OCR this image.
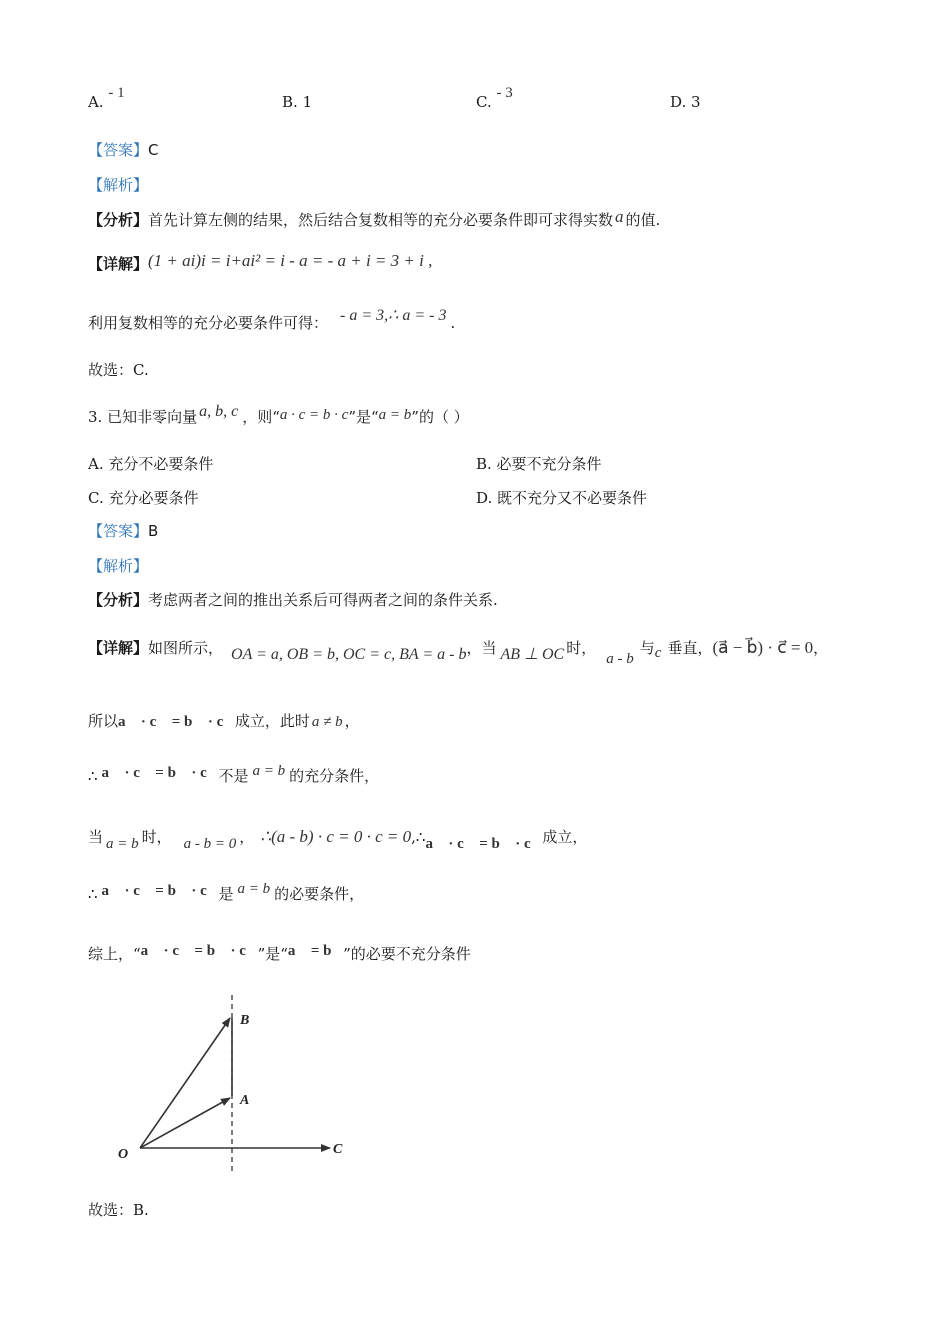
A. - 1	B. 1	C. - 3	D. 3
【答案】C
【解析】
【分析】首先计算左侧的结果，然后结合复数相等的充分必要条件即可求得实数 a 的值.
【详解】(1 + ai)i = i+ai² = i - a = - a + i = 3 + i ,
利用复数相等的充分必要条件可得： - a = 3,∴ a = - 3 .
故选：C.
3. 已知非零向量 a, b, c ，则“a · c = b · c”是“a = b”的（ ）
A. 充分不必要条件	B. 必要不充分条件
C. 充分必要条件	D. 既不充分又不必要条件
【答案】B
【解析】
【分析】考虑两者之间的推出关系后可得两者之间的条件关系.
【详解】如图所示， OA = a, OB = b, OC = c, BA = a - b，当 AB ⊥ OC 时，a - b与c 垂直，(a⃗ − b⃗) · c⃗ = 0，
所以a⃗ · c⃗ = b⃗ · c⃗成立，此时 a ≠ b ，
∴ a⃗ · c⃗ = b⃗ · c⃗不是 a = b 的充分条件，
当 a = b 时， a - b = 0 ， ∴(a - b) · c = 0 · c = 0,∴a⃗ · c⃗ = b⃗ · c⃗成立，
∴ a⃗ · c⃗ = b⃗ · c⃗是 a = b 的必要条件，
综上，“a⃗ · c⃗ = b⃗ · c⃗”是“a⃗ = b⃗”的必要不充分条件
O
A
B
C
故选：B.
